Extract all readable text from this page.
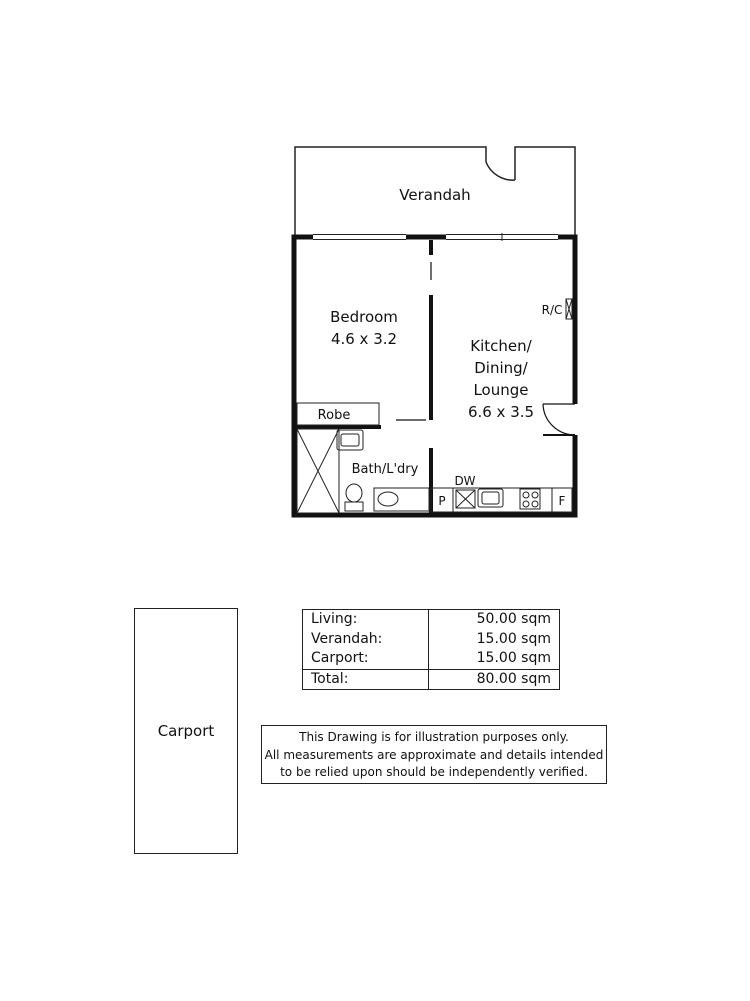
Verandah
Bedroom
4.6 x 3.2	Kitchen/
Dining/
Lounge
6.6 x 3.5
Robe
Bath/L'dry
R/C
DW
P	F
Carport
Living:	50.00 sqm
Verandah:	15.00 sqm
Carport:	15.00 sqm
Total:	80.00 sqm
This Drawing is for illustration purposes only.
All measurements are approximate and details intended
to be relied upon should be independently verified.
